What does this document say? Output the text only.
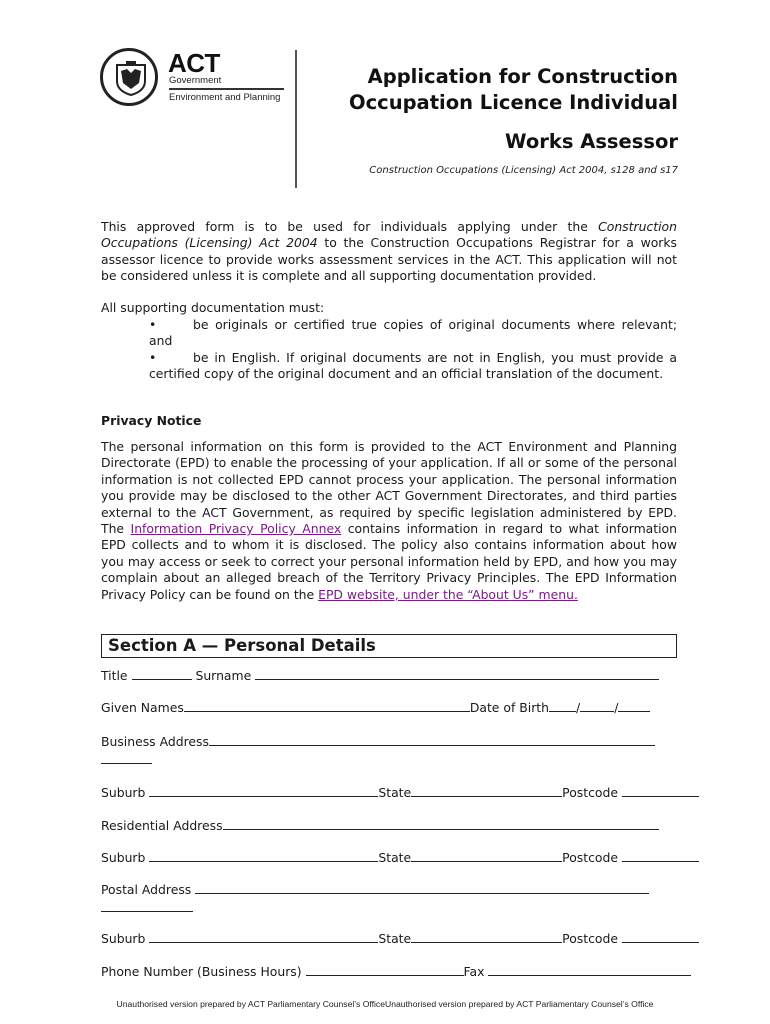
ACT
Government
Environment and Planning
Application for Construction
Occupation Licence Individual
Works Assessor
Construction Occupations (Licensing) Act 2004, s128 and s17
This approved form is to be used for individuals applying under the Construction Occupations (Licensing) Act 2004 to the Construction Occupations Registrar for a works assessor licence to provide works assessment services in the ACT. This application will not be considered unless it is complete and all supporting documentation provided.
All supporting documentation must:
•	be originals or certified true copies of original documents where relevant; and
•	be in English. If original documents are not in English, you must provide a certified copy of the original document and an official translation of the document.
Privacy Notice
The personal information on this form is provided to the ACT Environment and Planning Directorate (EPD) to enable the processing of your application. If all or some of the personal information is not collected EPD cannot process your application. The personal information you provide may be disclosed to the other ACT Government Directorates, and third parties external to the ACT Government, as required by specific legislation administered by EPD. The Information Privacy Policy Annex contains information in regard to what information EPD collects and to whom it is disclosed. The policy also contains information about how you may access or seek to correct your personal information held by EPD, and how you may complain about an alleged breach of the Territory Privacy Principles. The EPD Information Privacy Policy can be found on the EPD website, under the “About Us” menu.
Section A — Personal Details
Title	Surname
Given Names	Date of Birth /	/
Business Address
Suburb	State	Postcode
Residential Address
Suburb	State	Postcode
Postal Address
Suburb	State	Postcode
Phone Number (Business Hours)	Fax
Unauthorised version prepared by ACT Parliamentary Counsel’s OfficeUnauthorised version prepared by ACT Parliamentary Counsel’s Office
